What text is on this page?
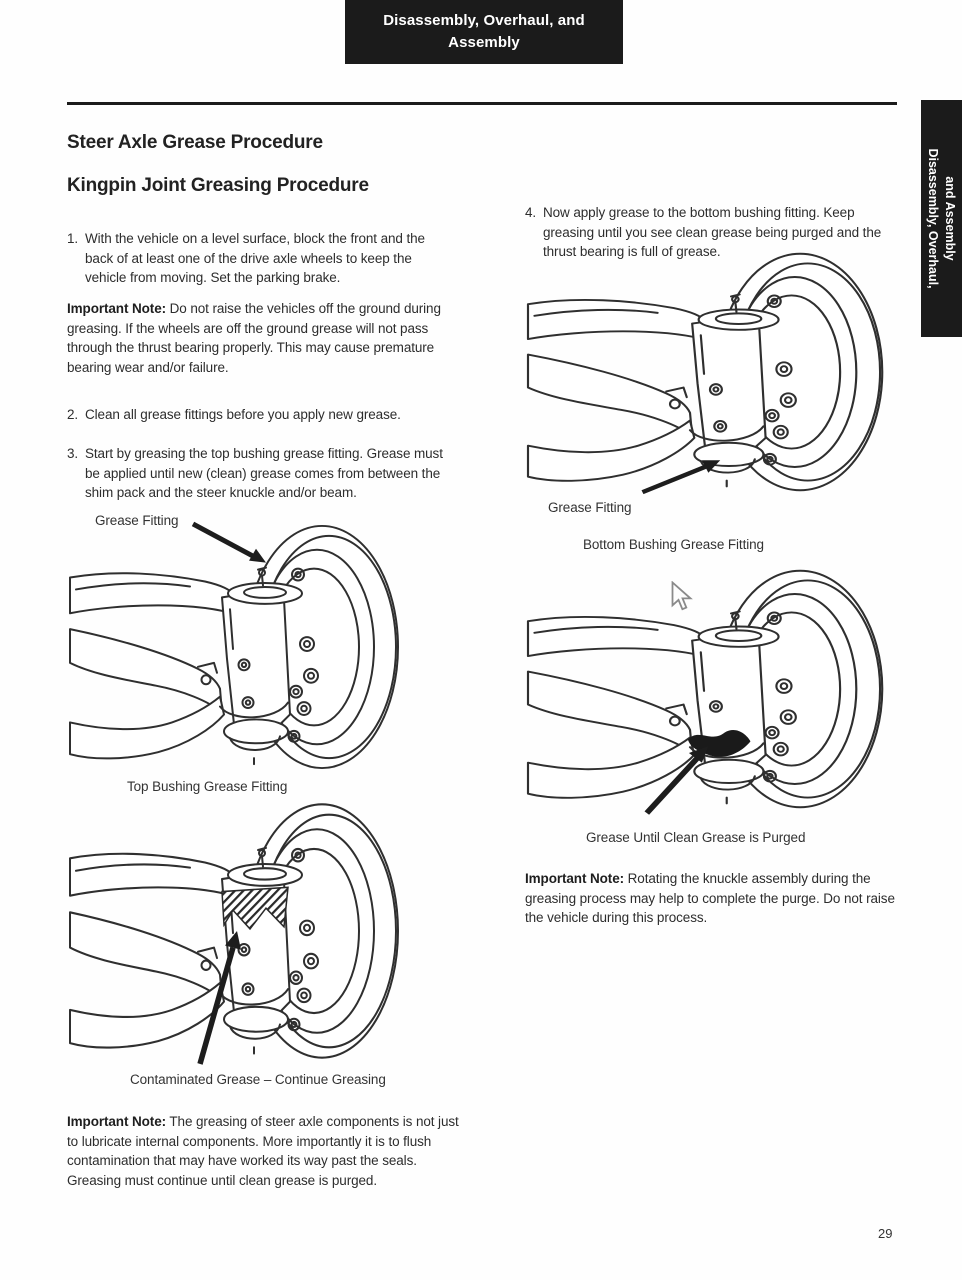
Disassembly, Overhaul, and
Assembly
Disassembly, Overhaul, and Assembly
Steer Axle Grease Procedure
Kingpin Joint Greasing Procedure
1. With the vehicle on a level surface, block the front and the back of at least one of the drive axle wheels to keep the vehicle from moving. Set the parking brake.

Important Note: Do not raise the vehicles off the ground during greasing. If the wheels are off the ground grease will not pass through the thrust bearing properly. This may cause premature bearing wear and/or failure.

2. Clean all grease fittings before you apply new grease.
3. Start by greasing the top bushing grease fitting. Grease must be applied until new (clean) grease comes from between the shim pack and the steer knuckle and/or beam.
Grease Fitting
Top Bushing Grease Fitting
Contaminated Grease – Continue Greasing

Important Note: The greasing of steer axle components is not just to lubricate internal components. More importantly it is to flush contamination that may have worked its way past the seals. Greasing must continue until clean grease is purged.

4. Now apply grease to the bottom bushing fitting. Keep greasing until you see clean grease being purged and the thrust bearing is full of grease.
Grease Fitting
Bottom Bushing Grease Fitting
Grease Until Clean Grease is Purged

Important Note: Rotating the knuckle assembly during the greasing process may help to complete the purge. Do not raise the vehicle during this process.

29
